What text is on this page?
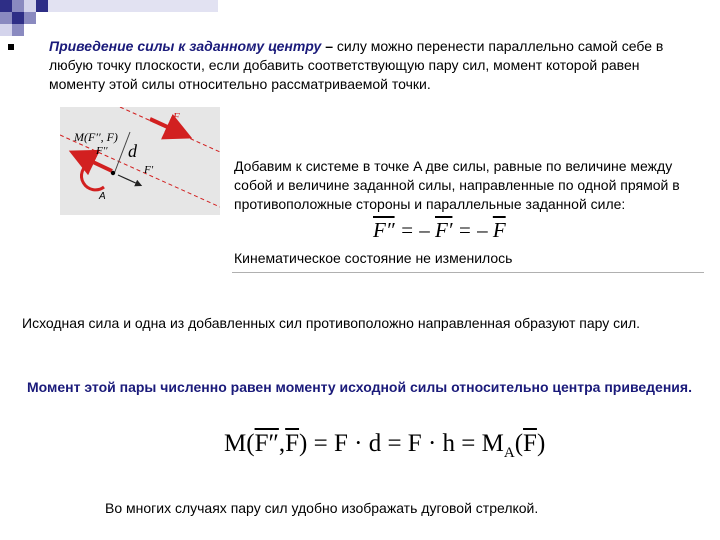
Приведение силы к заданному центру – силу можно перенести параллельно самой себе в любую точку плоскости, если добавить соответствующую пару сил, момент которой равен моменту этой силы относительно рассматриваемой точки.
M(F′′, F)
F
F′′
F′
d
A
Добавим к системе в точке A две силы, равные по величине между собой и величине заданной силы, направленные по одной прямой в противоположные стороны и параллельные заданной силе:
F″ = – F′ = – $\overline{F}$
Кинематическое состояние не изменилось
Исходная сила и одна из добавленных сил противоположно направленная образуют пару сил.
Момент этой пары численно равен моменту исходной силы относительно центра приведения.
$M(F'',\overline{F}) = F \cdot d = F \cdot h = M_A(\overline{F})$
Во многих случаях пару сил удобно изображать дуговой стрелкой.
